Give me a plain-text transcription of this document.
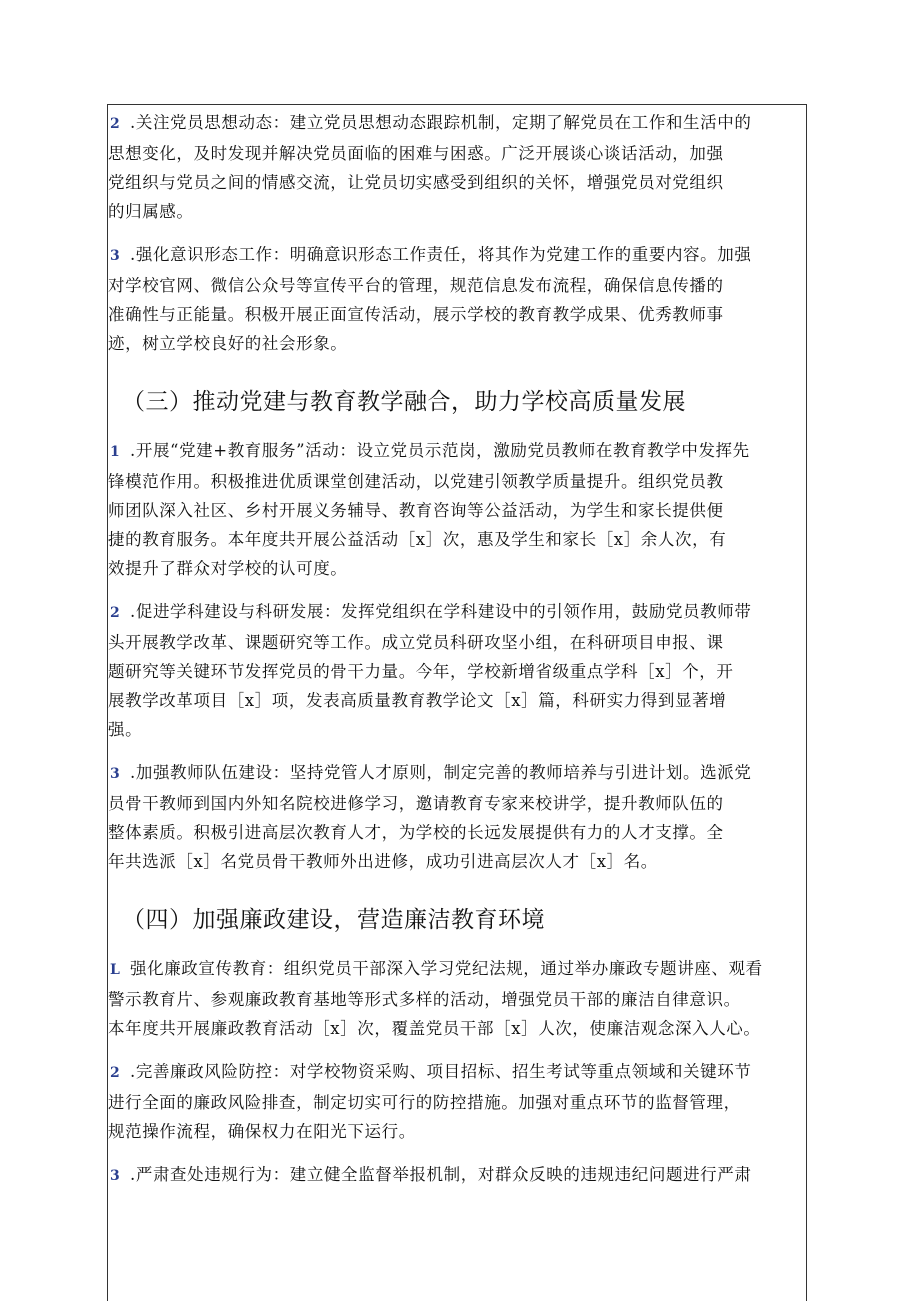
2 .关注党员思想动态：建立党员思想动态跟踪机制，定期了解党员在工作和生活中的
思想变化，及时发现并解决党员面临的困难与困惑。广泛开展谈心谈话活动，加强
党组织与党员之间的情感交流，让党员切实感受到组织的关怀，增强党员对党组织
的归属感。
3 .强化意识形态工作：明确意识形态工作责任，将其作为党建工作的重要内容。加强
对学校官网、微信公众号等宣传平台的管理，规范信息发布流程，确保信息传播的
准确性与正能量。积极开展正面宣传活动，展示学校的教育教学成果、优秀教师事
迹，树立学校良好的社会形象。
（三）推动党建与教育教学融合，助力学校高质量发展
1 .开展“党建+教育服务”活动：设立党员示范岗，激励党员教师在教育教学中发挥先
锋模范作用。积极推进优质课堂创建活动，以党建引领教学质量提升。组织党员教
师团队深入社区、乡村开展义务辅导、教育咨询等公益活动，为学生和家长提供便
捷的教育服务。本年度共开展公益活动［x］次，惠及学生和家长［x］余人次，有
效提升了群众对学校的认可度。
2 .促进学科建设与科研发展：发挥党组织在学科建设中的引领作用，鼓励党员教师带
头开展教学改革、课题研究等工作。成立党员科研攻坚小组，在科研项目申报、课
题研究等关键环节发挥党员的骨干力量。今年，学校新增省级重点学科［x］个，开
展教学改革项目［x］项，发表高质量教育教学论文［x］篇，科研实力得到显著增
强。
3 .加强教师队伍建设：坚持党管人才原则，制定完善的教师培养与引进计划。选派党
员骨干教师到国内外知名院校进修学习，邀请教育专家来校讲学，提升教师队伍的
整体素质。积极引进高层次教育人才，为学校的长远发展提供有力的人才支撑。全
年共选派［x］名党员骨干教师外出进修，成功引进高层次人才［x］名。
（四）加强廉政建设，营造廉洁教育环境
L 强化廉政宣传教育：组织党员干部深入学习党纪法规，通过举办廉政专题讲座、观看
警示教育片、参观廉政教育基地等形式多样的活动，增强党员干部的廉洁自律意识。
本年度共开展廉政教育活动［x］次，覆盖党员干部［x］人次，使廉洁观念深入人心。
2 .完善廉政风险防控：对学校物资采购、项目招标、招生考试等重点领域和关键环节
进行全面的廉政风险排查，制定切实可行的防控措施。加强对重点环节的监督管理，
规范操作流程，确保权力在阳光下运行。
3 .严肃查处违规行为：建立健全监督举报机制，对群众反映的违规违纪问题进行严肃
